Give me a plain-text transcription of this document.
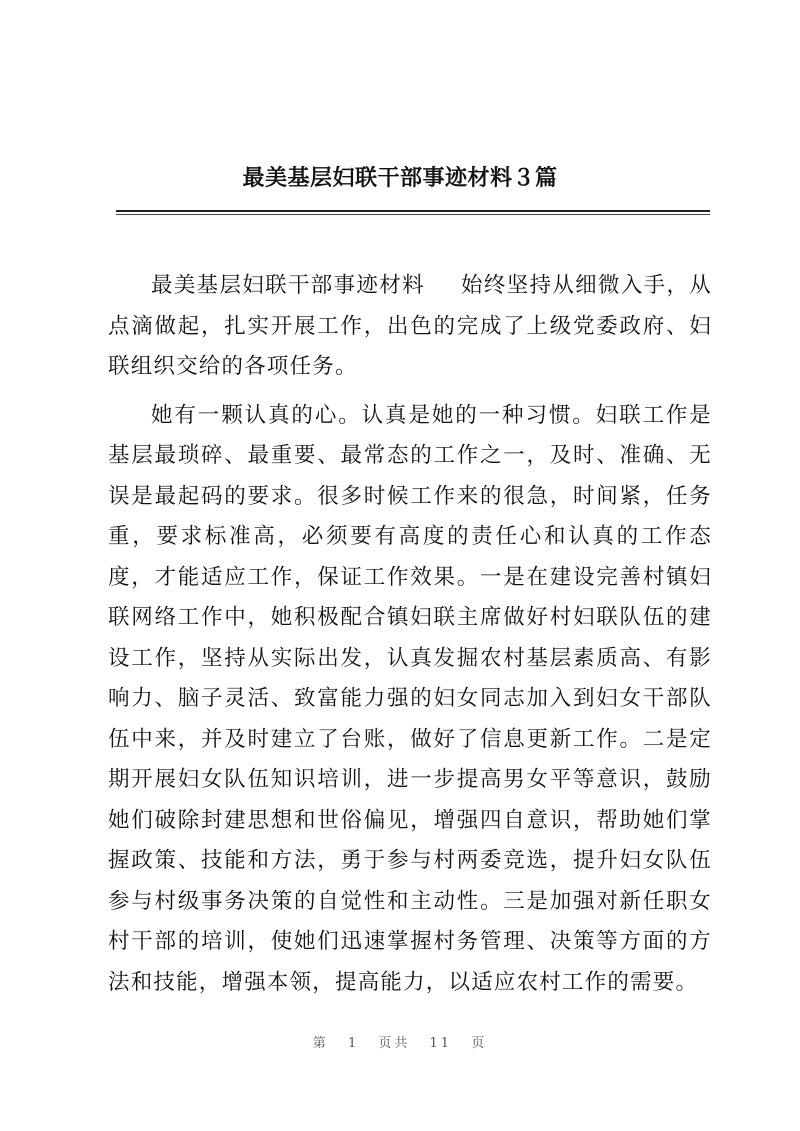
最美基层妇联干部事迹材料３篇

最美基层妇联干部事迹材料 始终坚持从细微入手，从点滴做起，扎实开展工作，出色的完成了上级党委政府、妇联组织交给的各项任务。

她有一颗认真的心。认真是她的一种习惯。妇联工作是基层最琐碎、最重要、最常态的工作之一，及时、准确、无误是最起码的要求。很多时候工作来的很急，时间紧，任务重，要求标准高，必须要有高度的责任心和认真的工作态度，才能适应工作，保证工作效果。一是在建设完善村镇妇联网络工作中，她积极配合镇妇联主席做好村妇联队伍的建设工作，坚持从实际出发，认真发掘农村基层素质高、有影响力、脑子灵活、致富能力强的妇女同志加入到妇女干部队伍中来，并及时建立了台账，做好了信息更新工作。二是定期开展妇女队伍知识培训，进一步提高男女平等意识，鼓励她们破除封建思想和世俗偏见，增强四自意识，帮助她们掌握政策、技能和方法，勇于参与村两委竞选，提升妇女队伍参与村级事务决策的自觉性和主动性。三是加强对新任职女村干部的培训，使她们迅速掌握村务管理、决策等方面的方法和技能，增强本领，提高能力，以适应农村工作的需要。

第 1 页共 11 页
